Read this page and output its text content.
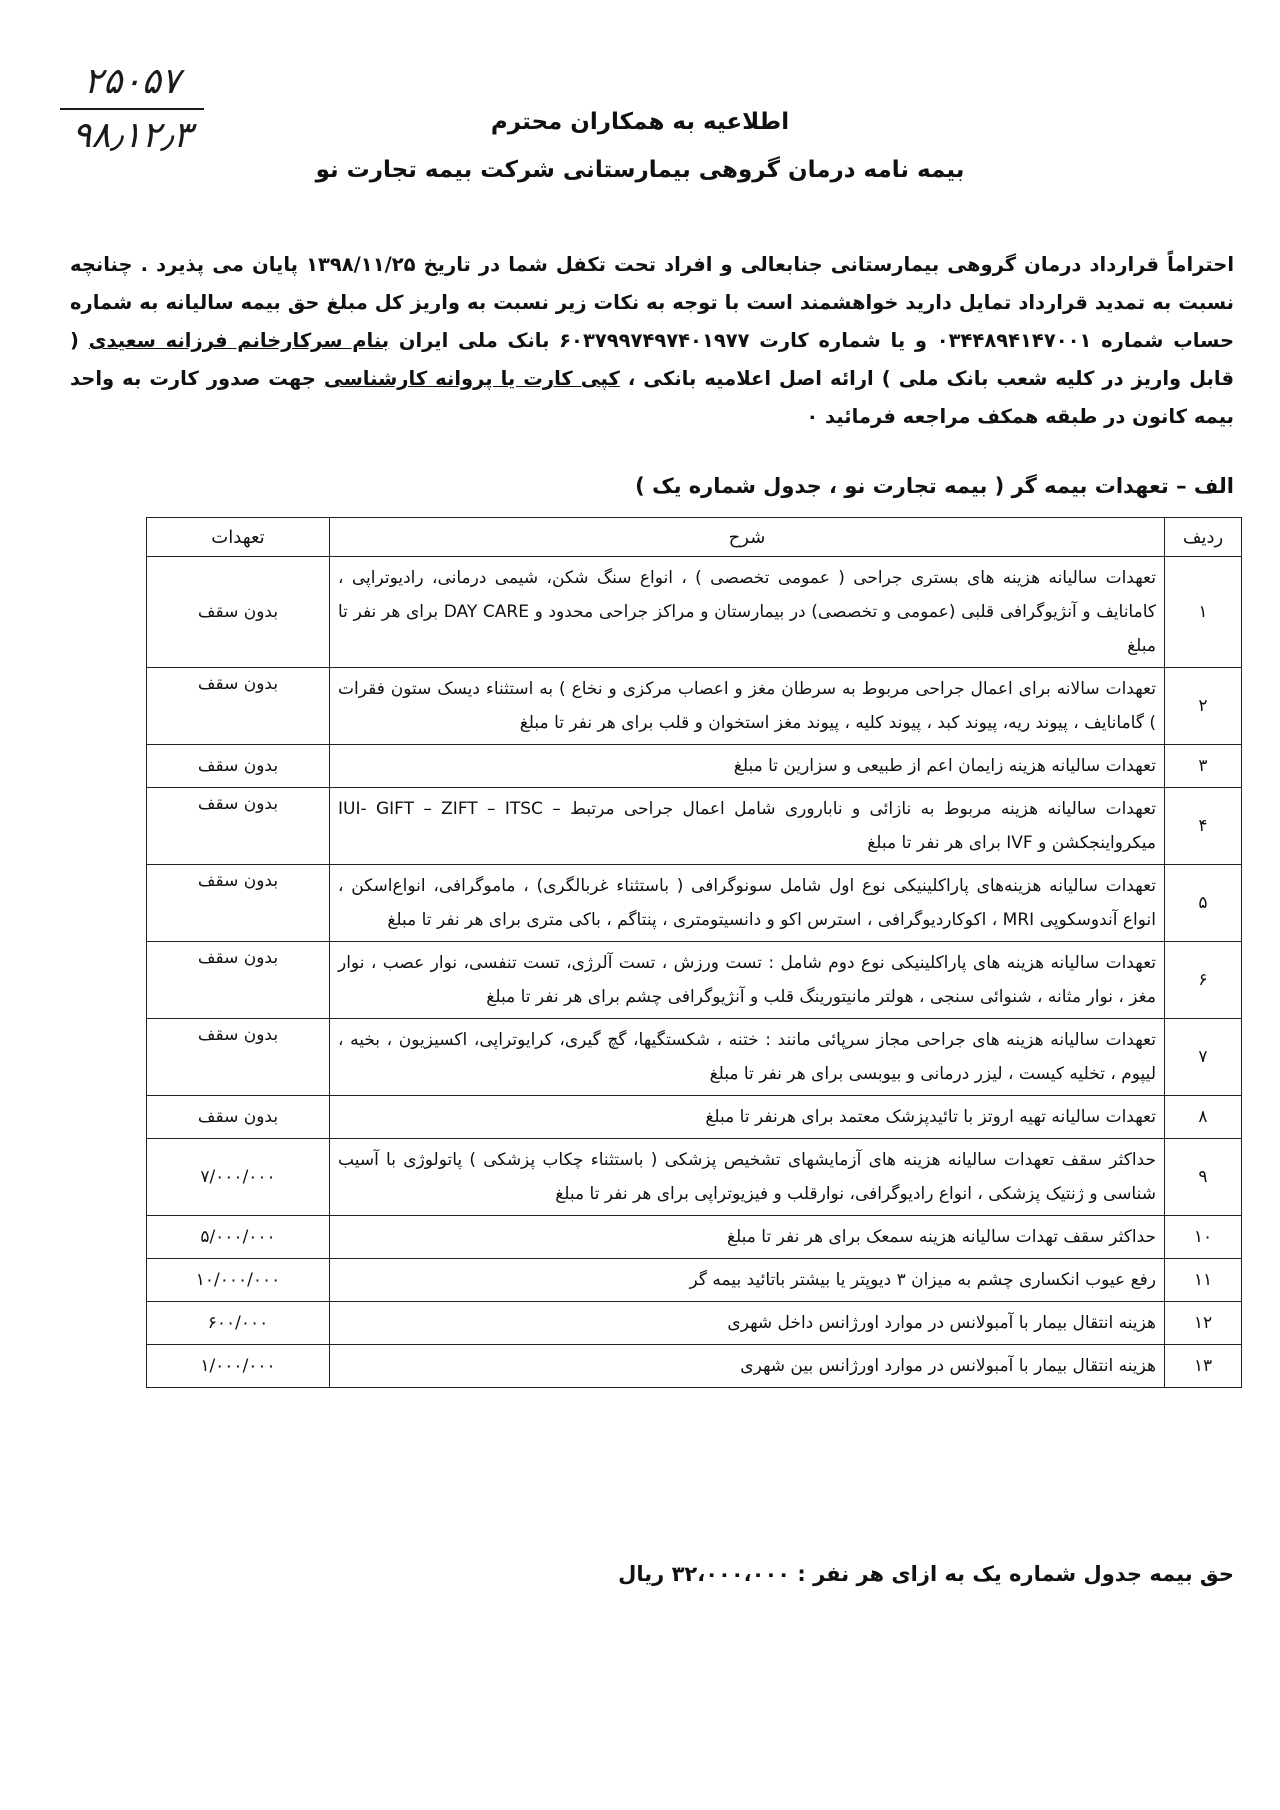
۲۵۰۵۷
۹۸٫۱۲٫۳	اطلاعیه به همکاران محترم
بیمه نامه درمان گروهی بیمارستانی شرکت بیمه تجارت نو

احتراماً قرارداد درمان گروهی بیمارستانی جنابعالی و افراد تحت تکفل شما در تاریخ ۱۳۹۸/۱۱/۲۵ پایان می پذیرد . چنانچه نسبت به تمدید قرارداد تمایل دارید خواهشمند است با توجه به نکات زیر نسبت به واریز کل مبلغ حق بیمه سالیانه به شماره حساب شماره ۰۳۴۴۸۹۴۱۴۷۰۰۱ و یا شماره کارت ۶۰۳۷۹۹۷۴۹۷۴۰۱۹۷۷ بانک ملی ایران بنام سرکارخانم فرزانه سعیدی ( قابل واریز در کلیه شعب بانک ملی ) ارائه اصل اعلامیه بانکی ، کپی کارت یا پروانه کارشناسی جهت صدور کارت به واحد بیمه کانون در طبقه همکف مراجعه فرمائید ٠

الف – تعهدات بیمه گر ( بیمه تجارت نو ، جدول شماره یک )
ردیف	شرح	تعهدات
۱	تعهدات سالیانه هزینه های بستری جراحی ( عمومی تخصصی ) ، انواع سنگ شکن، شیمی درمانی، رادیوتراپی ، کامانایف و آنژیوگرافی قلبی (عمومی و تخصصی) در بیمارستان و مراکز جراحی محدود و DAY CARE برای هر نفر تا مبلغ	بدون سقف
۲	تعهدات سالانه برای اعمال جراحی مربوط به سرطان مغز و اعصاب مرکزی و نخاع ) به استثناء دیسک ستون فقرات ) گامانایف ، پیوند ریه، پیوند کبد ، پیوند کلیه ، پیوند مغز استخوان و قلب برای هر نفر تا مبلغ	بدون سقف
۳	تعهدات سالیانه هزینه زایمان اعم از طبیعی و سزارین تا مبلغ	بدون سقف
۴	تعهدات سالیانه هزینه مربوط به نازائی و ناباروری شامل اعمال جراحی مرتبط – IUI- GIFT – ZIFT – ITSC میکرواینجکشن و IVF برای هر نفر تا مبلغ	بدون سقف
۵	تعهدات سالیانه هزینه‌های پاراکلینیکی نوع اول شامل سونوگرافی ( باستثناء غربالگری) ، ماموگرافی، انواع‌اسکن ، انواع آندوسکوپی MRI ، اکوکاردیوگرافی ، استرس اکو و دانسیتومتری ، پنتاگم ، باکی متری برای هر نفر تا مبلغ	بدون سقف
۶	تعهدات سالیانه هزینه های پاراکلینیکی نوع دوم شامل : تست ورزش ، تست آلرژی، تست تنفسی، نوار عصب ، نوار مغز ، نوار مثانه ، شنوائی سنجی ، هولتر مانیتورینگ قلب و آنژیوگرافی چشم برای هر نفر تا مبلغ	بدون سقف
۷	تعهدات سالیانه هزینه های جراحی مجاز سرپائی مانند : ختنه ، شکستگیها، گچ گیری، کرایوتراپی، اکسیزیون ، بخیه ، لیپوم ، تخلیه کیست ، لیزر درمانی و بیوبسی برای هر نفر تا مبلغ	بدون سقف
۸	تعهدات سالیانه تهیه اروتز با تائیدپزشک معتمد برای هرنفر تا مبلغ	بدون سقف
۹	حداکثر سقف تعهدات سالیانه هزینه های آزمایشهای تشخیص پزشکی ( باستثناء چکاب پزشکی ) پاتولوژی با آسیب شناسی و ژنتیک پزشکی ، انواع رادیوگرافی، نوارقلب و فیزیوتراپی برای هر نفر تا مبلغ	۷/۰۰۰/۰۰۰
۱۰	حداکثر سقف تهدات سالیانه هزینه سمعک برای هر نفر تا مبلغ	۵/۰۰۰/۰۰۰
۱۱	رفع عیوب انکساری چشم به میزان ۳ دیوپتر یا بیشتر باتائید بیمه گر	۱۰/۰۰۰/۰۰۰
۱۲	هزینه انتقال بیمار با آمبولانس در موارد اورژانس داخل شهری	۶۰۰/۰۰۰
۱۳	هزینه انتقال بیمار با آمبولانس در موارد اورژانس بین شهری	۱/۰۰۰/۰۰۰
حق بیمه جدول شماره یک به ازای هر نفر : ۳۲،۰۰۰،۰۰۰ ریال
